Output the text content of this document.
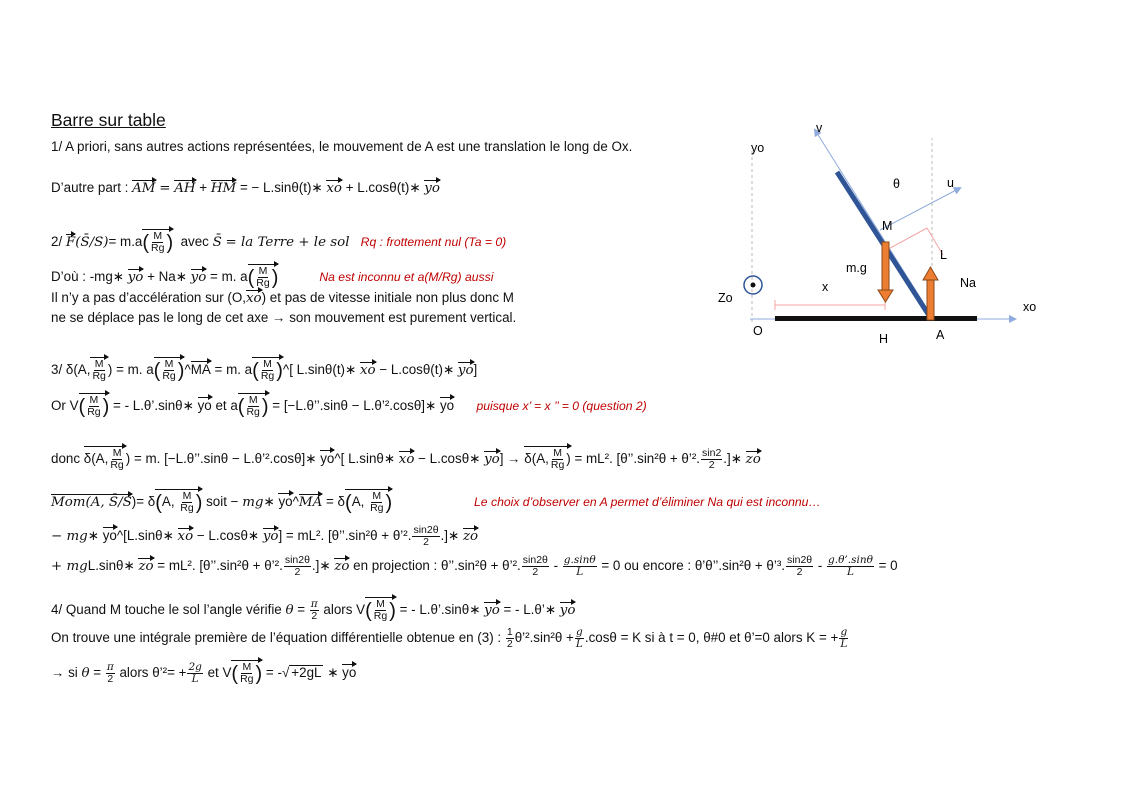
Barre sur table
1/ A priori, sans autres actions représentées, le mouvement de A est une translation le long de Ox.
D’autre part : AM = AH + HM = − L.sinθ(t)∗ xo + L.cosθ(t)∗ yo
2/ F(S̄/S)= $m.a( \frac{M}{Rg}$ )  avec S̄ = la Terre + le sol Rq : frottement nul (Ta = 0)
D’où : -mg∗ yo + Na∗ yo = m. $a( \frac{M}{Rg}$ )	Na est inconnu et a(M/Rg) aussi
Il n’y a pas d’accélération sur (O,xo) et pas de vitesse initiale non plus donc M
ne se déplace pas le long de cet axe → son mouvement est purement vertical.
3/ δ(A, $\frac{M}{Rg}$ ) = m. $a( \frac{M}{Rg}$ )^MA = m. $a( \frac{M}{Rg}$ )^[ L.sinθ(t)∗ xo − L.cosθ(t)∗ yo]
Or $V( \frac{M}{Rg}$ ) = - L.θ’.sinθ∗ yo et $a( \frac{M}{Rg}$ ) = [−L.θ’’.sinθ − L.θ’².cosθ]∗ yo puisque x’ = x ’’ = 0 (question 2)
donc δ(A, $\frac{M}{Rg}$ ) = m. [−L.θ’’.sinθ − L.θ’².cosθ]∗ yo^[ L.sinθ∗ xo − L.cosθ∗ yo] → δ(A, $\frac{M}{Rg}$ ) = mL². [θ’’.sin²θ + θ’². $\frac{\sin 2}{2}$ .]∗ zo
Mom(A, S̄/S)= δ(A, $\frac{M}{Rg}$ ) soit − mg∗ yo^MA = δ(A, $\frac{M}{Rg}$ )	Le choix d’observer en A permet d’éliminer Na qui est inconnu…
− mg∗ yo^[L.sinθ∗ xo − L.cosθ∗ yo] = mL². [θ’’.sin²θ + θ’². $\frac{\sin 2\theta}{2}$ .]∗ zo
+ mgL.sinθ∗ zo = mL². [θ’’.sin²θ + θ’². $\frac{\sin 2\theta}{2}$ .]∗ zo en projection : θ’’.sin²θ + θ’². $\frac{\sin 2\theta}{2} - \frac{g.\sin\theta}{L} = 0$ ou encore : θ’θ’’.sin²θ + θ’³. $\frac{\sin 2\theta}{2} - \frac{g.\theta’.\sin\theta}{L} = 0$
4/ Quand M touche le sol l’angle vérifie $\theta = \frac{\pi}{2}$ alors $V( \frac{M}{Rg}$ ) = - L.θ’.sinθ∗ yo = - L.θ’∗ yo
On trouve une intégrale première de l’équation différentielle obtenue en (3) : $\frac{1}{2}$ θ’².sin²θ + $\frac{g}{L} .\cos\theta = K$ si à t = 0, θ#0 et θ’=0 alors K = + $\frac{g}{L}$
→ si $\theta = \frac{\pi}{2}$ alors θ’²= + $\frac{2g}{L}$ et $V( \frac{M}{Rg}$ ) = -√ +2gL ∗ yo
yo
v
θ	u
M
m.g
L
Na
x
Zo
O
H	A
xo
